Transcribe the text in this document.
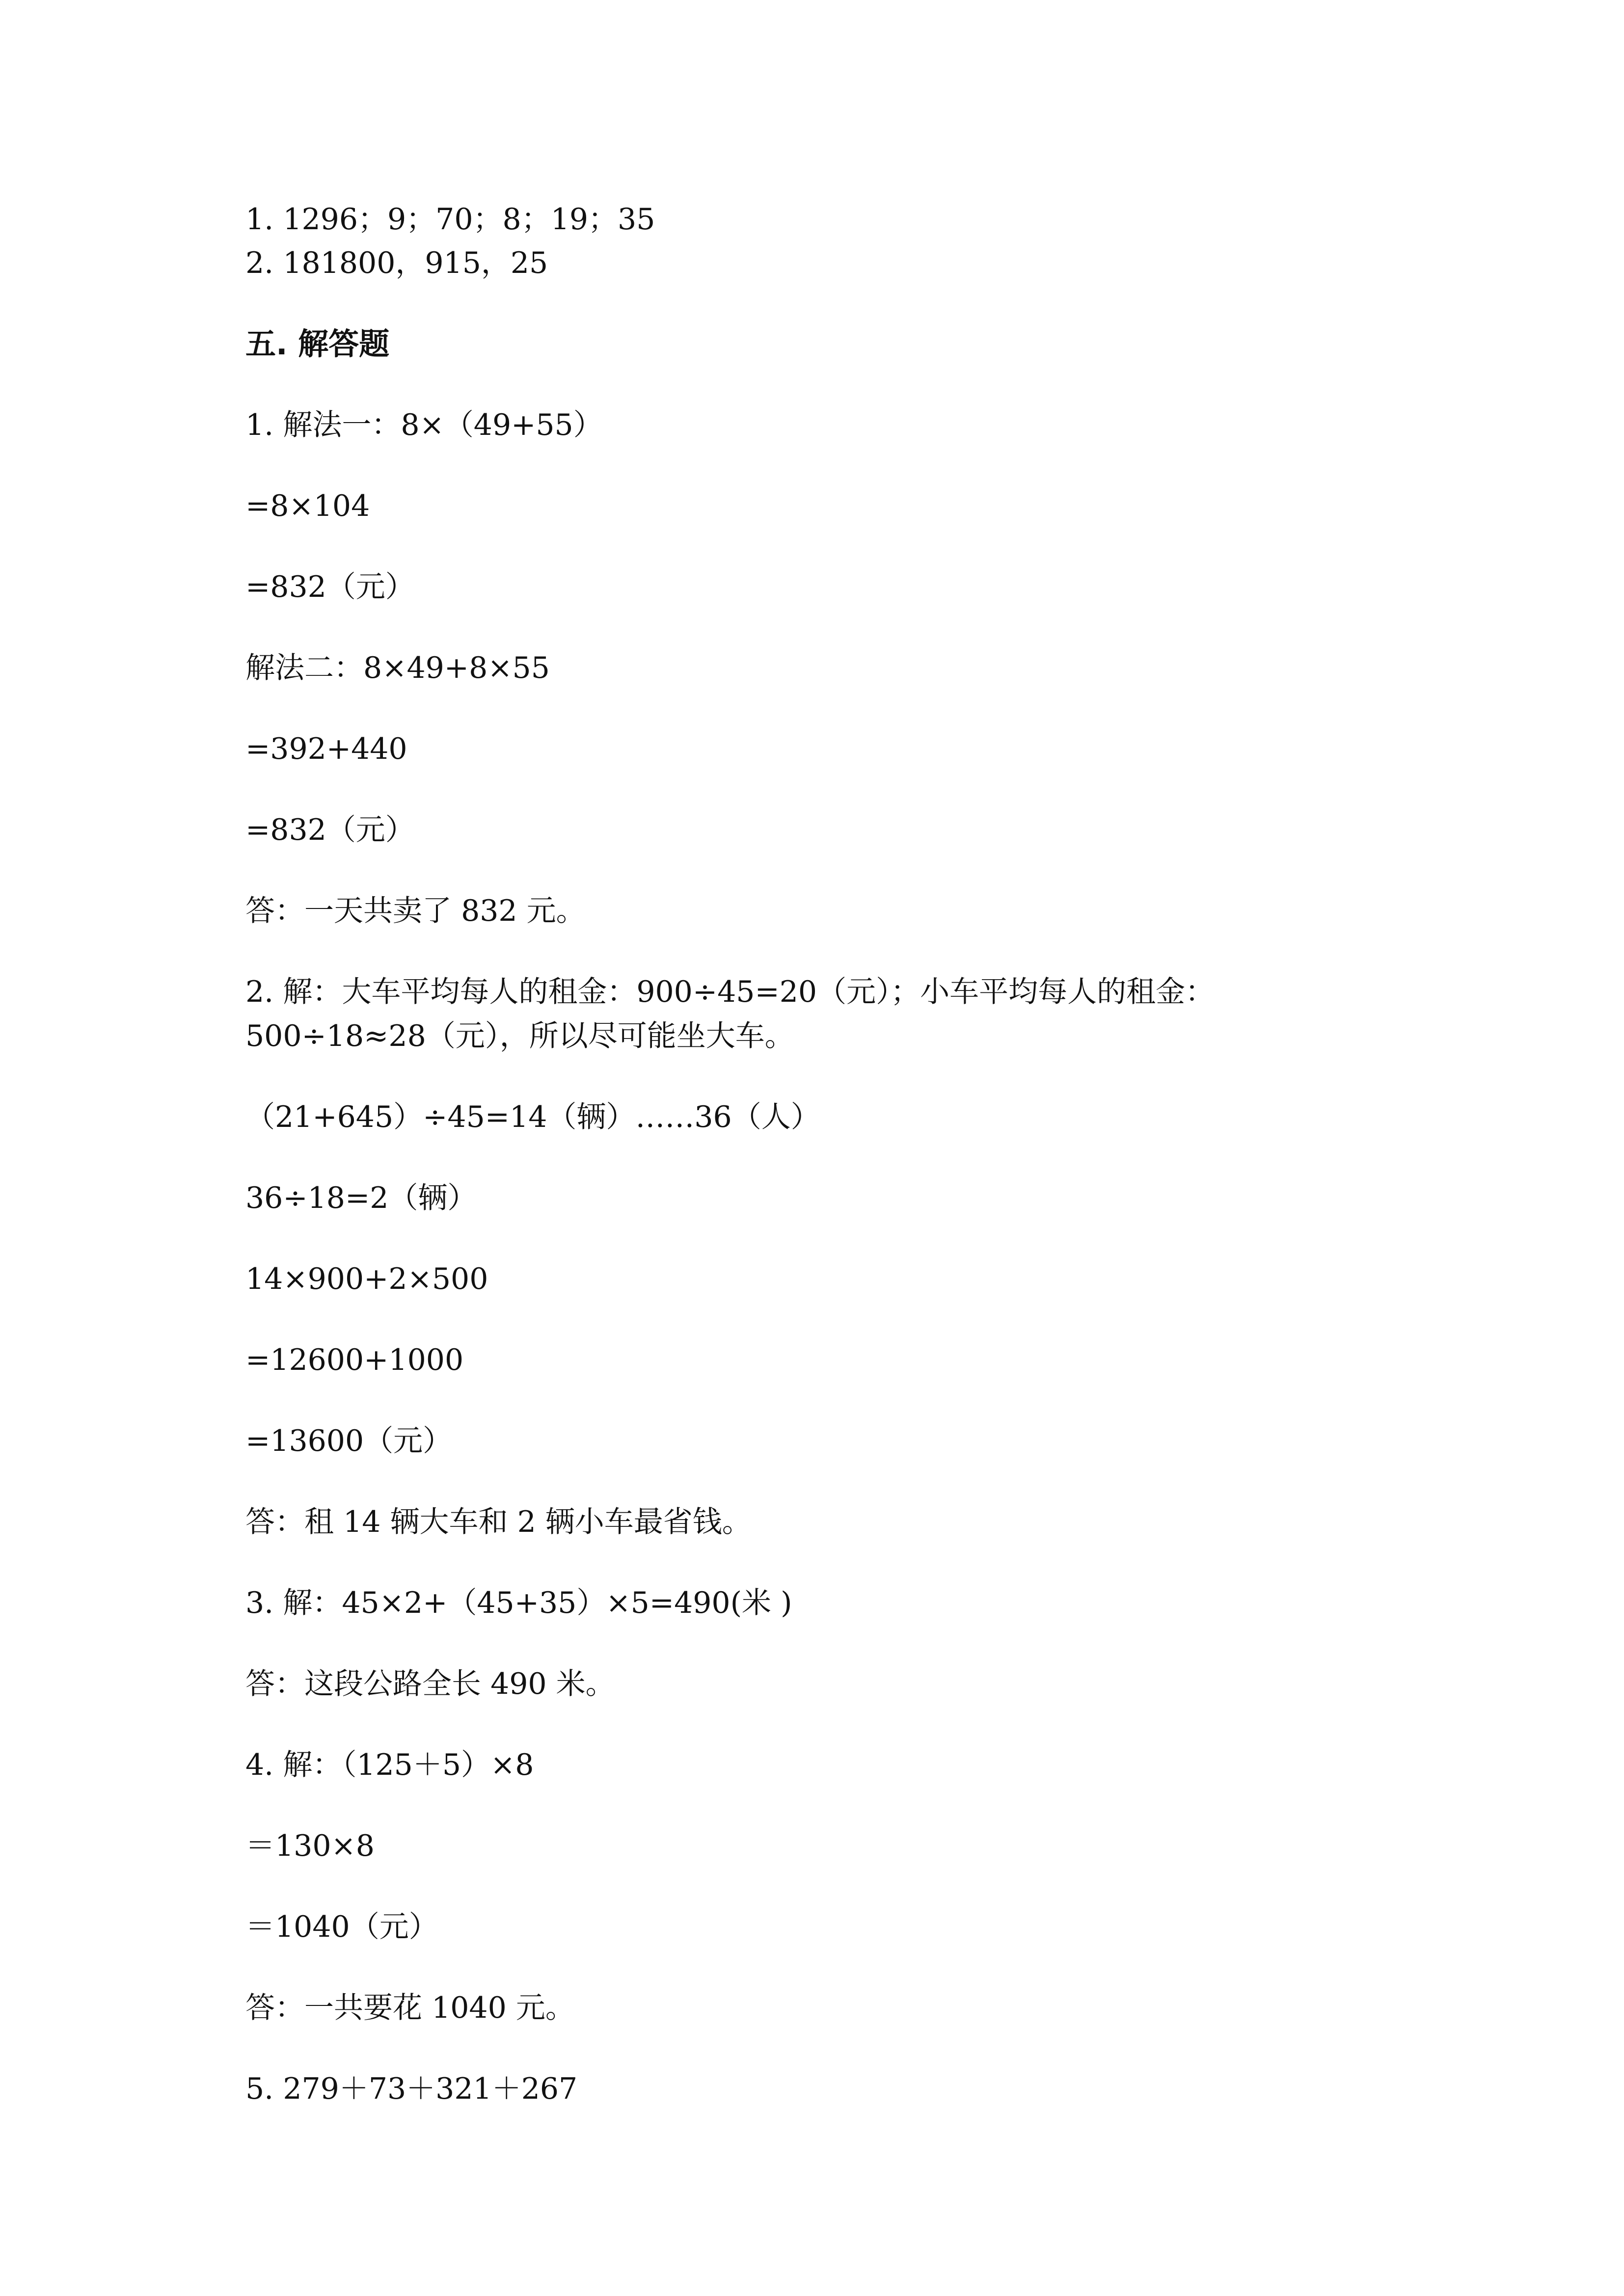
1. 1296；9；70；8；19；35
2. 181800，915，25
五. 解答题
1. 解法一：8×（49+55）
=8×104
=832（元）
解法二：8×49+8×55
=392+440
=832（元）
答：一天共卖了 832 元。
2. 解：大车平均每人的租金：900÷45=20（元）；小车平均每人的租金：
500÷18≈28（元），所以尽可能坐大车。
（21+645）÷45=14（辆）……36（人）
36÷18=2（辆）
14×900+2×500
=12600+1000
=13600（元）
答：租 14 辆大车和 2 辆小车最省钱。
3. 解：45×2+（45+35）×5=490(米 )
答：这段公路全长 490 米。
4. 解：（125＋5）×8
＝130×8
＝1040（元）
答：一共要花 1040 元。
5. 279＋73＋321＋267
